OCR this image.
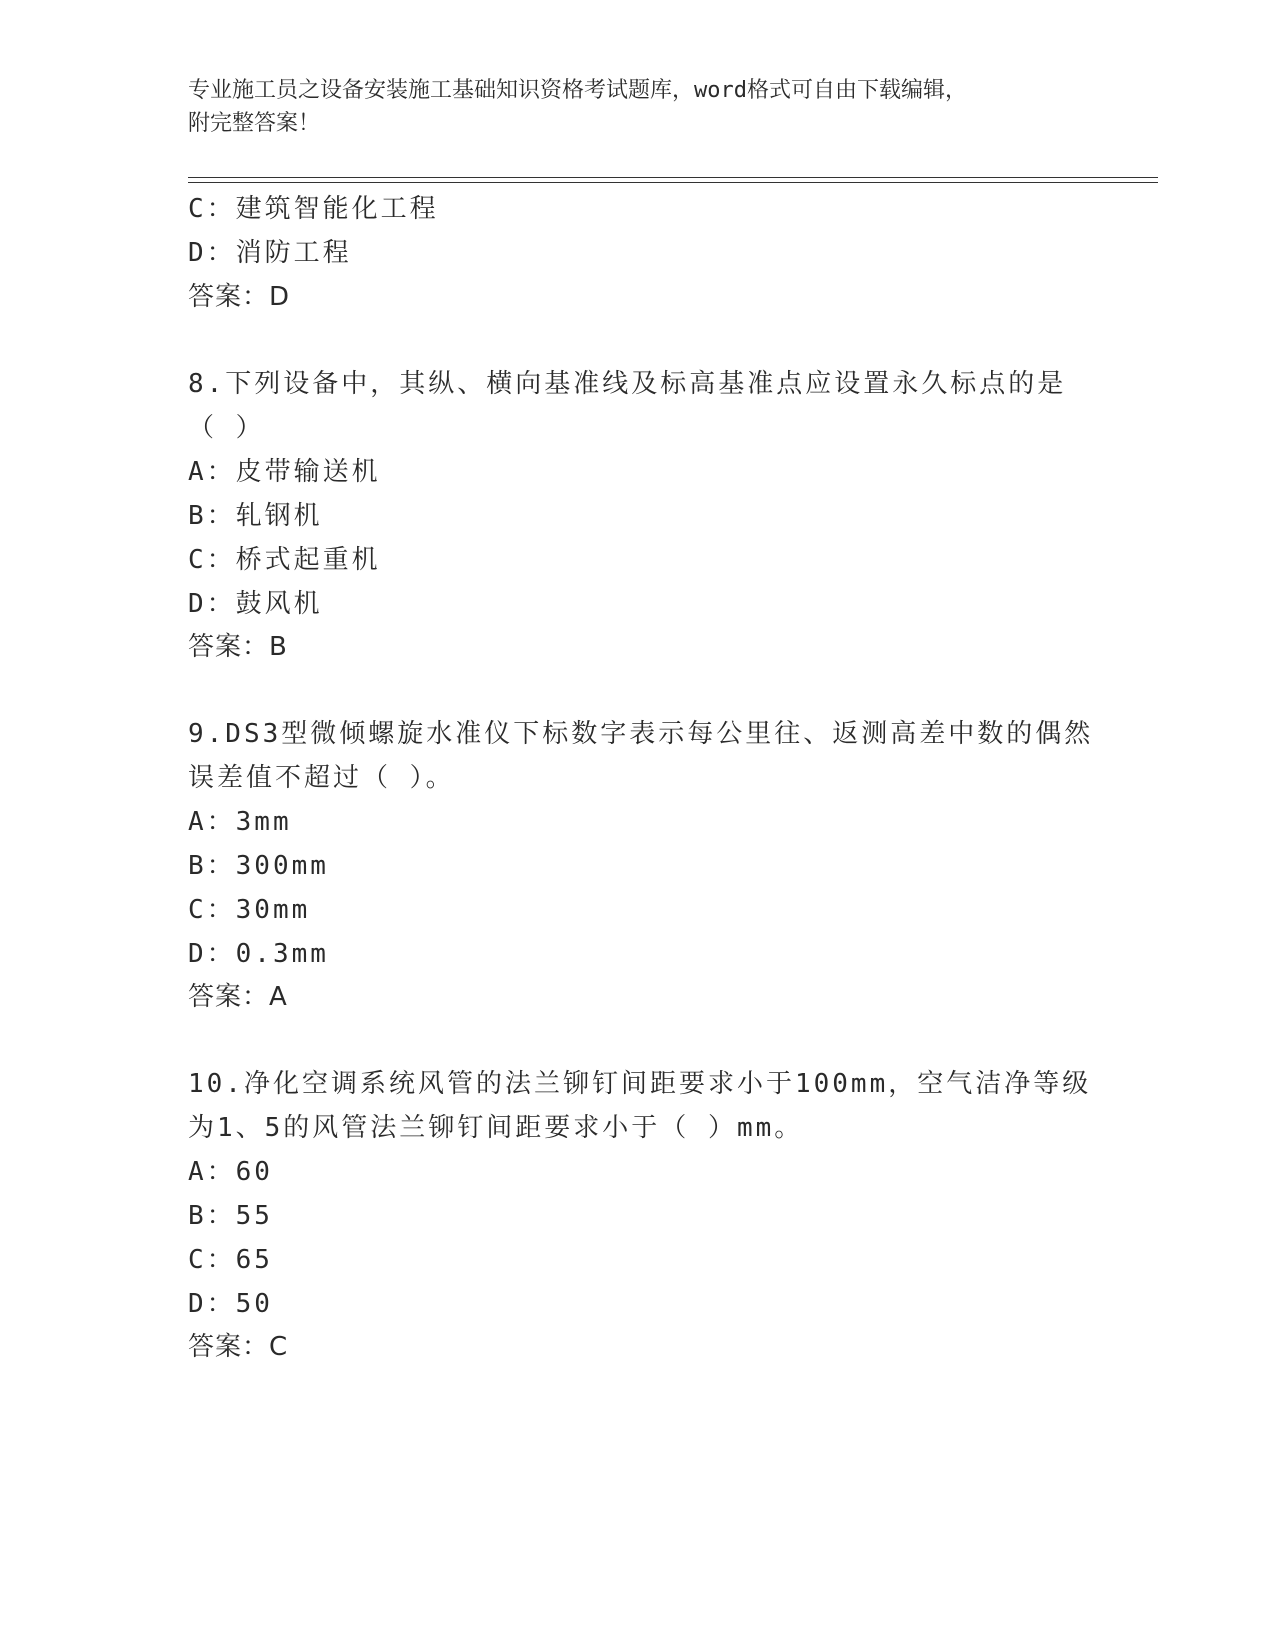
专业施工员之设备安装施工基础知识资格考试题库，word格式可自由下载编辑，
附完整答案！
C：建筑智能化工程
D：消防工程
答案：D
8.下列设备中，其纵、横向基准线及标高基准点应设置永久标点的是
（ ）
A：皮带输送机
B：轧钢机
C：桥式起重机
D：鼓风机
答案：B
9.DS3型微倾螺旋水准仪下标数字表示每公里往、返测高差中数的偶然
误差值不超过（ ）。
A：3mm
B：300mm
C：30mm
D：0.3mm
答案：A
10.净化空调系统风管的法兰铆钉间距要求小于100mm，空气洁净等级
为1、5的风管法兰铆钉间距要求小于（ ）mm。
A：60
B：55
C：65
D：50
答案：C
